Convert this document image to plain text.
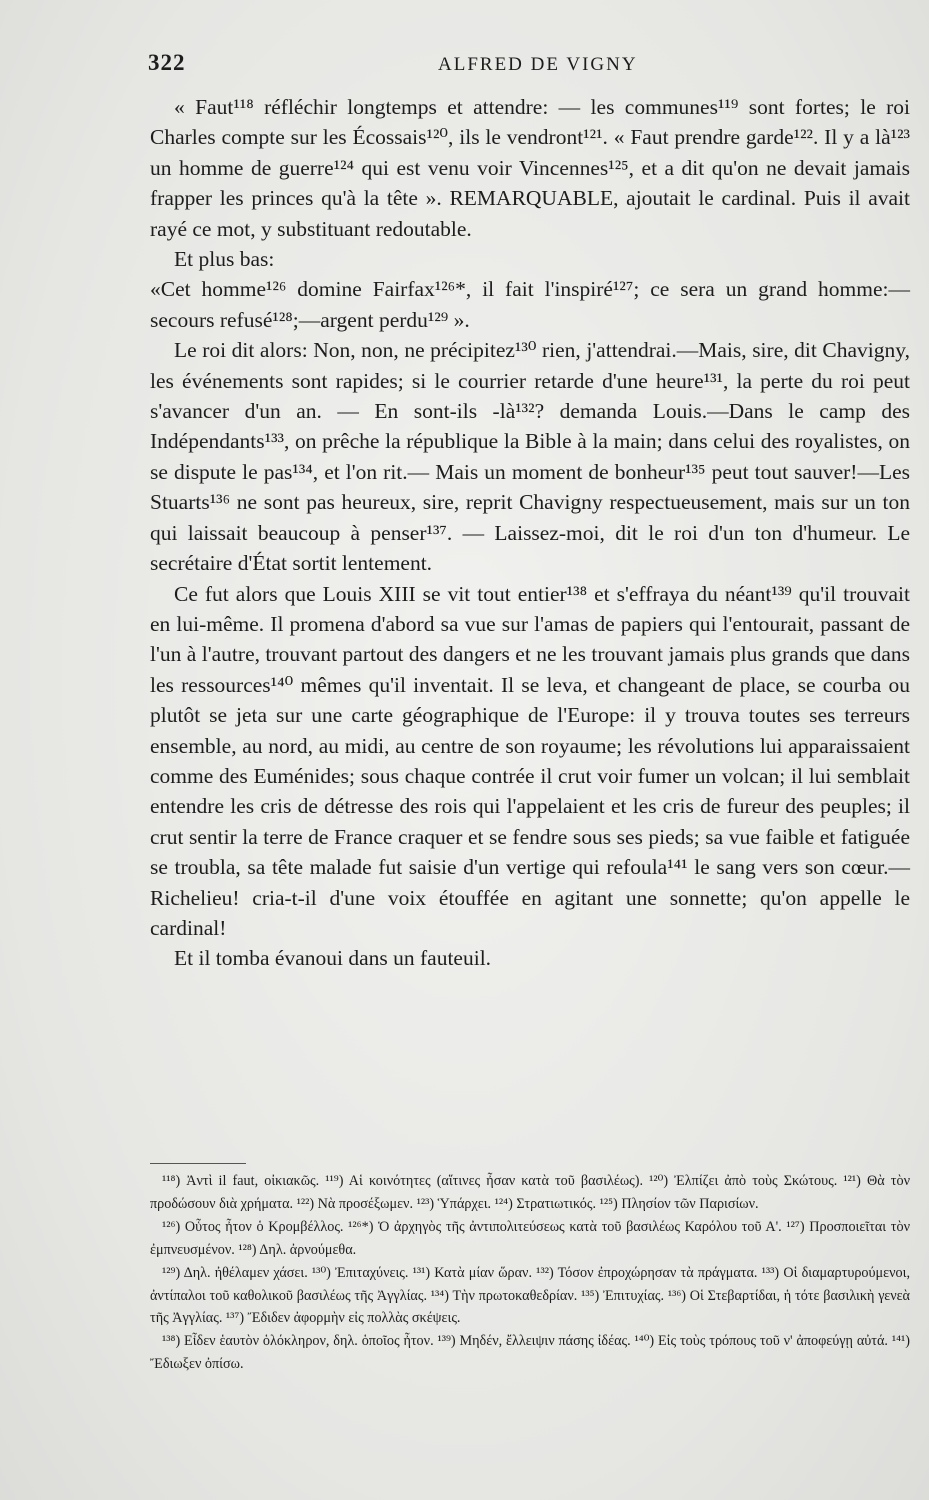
322	ALFRED DE VIGNY

« Faut¹¹⁸ réfléchir longtemps et attendre: — les communes¹¹⁹ sont fortes; le roi Charles compte sur les Écossais¹²⁰, ils le vendront¹²¹. « Faut prendre garde¹²². Il y a là¹²³ un homme de guerre¹²⁴ qui est venu voir Vincennes¹²⁵, et a dit qu'on ne devait jamais frapper les princes qu'à la tête ». REMARQUABLE, ajoutait le cardinal. Puis il avait rayé ce mot, y substituant redoutable.

Et plus bas:

«Cet homme¹²⁶ domine Fairfax¹²⁶*, il fait l'inspiré¹²⁷; ce sera un grand homme:—secours refusé¹²⁸;—argent perdu¹²⁹ ».

Le roi dit alors: Non, non, ne précipitez¹³⁰ rien, j'attendrai.—Mais, sire, dit Chavigny, les événements sont rapides; si le courrier retarde d'une heure¹³¹, la perte du roi peut s'avancer d'un an. — En sont-ils -là¹³²? demanda Louis.—Dans le camp des Indépendants¹³³, on prêche la république la Bible à la main; dans celui des royalistes, on se dispute le pas¹³⁴, et l'on rit.— Mais un moment de bonheur¹³⁵ peut tout sauver!—Les Stuarts¹³⁶ ne sont pas heureux, sire, reprit Chavigny respectueusement, mais sur un ton qui laissait beaucoup à penser¹³⁷. — Laissez-moi, dit le roi d'un ton d'humeur. Le secrétaire d'État sortit lentement.

Ce fut alors que Louis XIII se vit tout entier¹³⁸ et s'effraya du néant¹³⁹ qu'il trouvait en lui-même. Il promena d'abord sa vue sur l'amas de papiers qui l'entourait, passant de l'un à l'autre, trouvant partout des dangers et ne les trouvant jamais plus grands que dans les ressources¹⁴⁰ mêmes qu'il inventait. Il se leva, et changeant de place, se courba ou plutôt se jeta sur une carte géographique de l'Europe: il y trouva toutes ses terreurs ensemble, au nord, au midi, au centre de son royaume; les révolutions lui apparaissaient comme des Euménides; sous chaque contrée il crut voir fumer un volcan; il lui semblait entendre les cris de détresse des rois qui l'appelaient et les cris de fureur des peuples; il crut sentir la terre de France craquer et se fendre sous ses pieds; sa vue faible et fatiguée se troubla, sa tête malade fut saisie d'un vertige qui refoula¹⁴¹ le sang vers son cœur.—Richelieu! cria-t-il d'une voix étouffée en agitant une sonnette; qu'on appelle le cardinal!

Et il tomba évanoui dans un fauteuil.

¹¹⁸) Ἀντὶ il faut, οἰκιακῶς. ¹¹⁹) Αἱ κοινότητες (αἵτινες ἦσαν κατὰ τοῦ βασιλέως). ¹²⁰) Ἐλπίζει ἀπὸ τοὺς Σκώτους. ¹²¹) Θὰ τὸν προδώσουν διὰ χρήματα. ¹²²) Νὰ προσέξωμεν. ¹²³) Ὑπάρχει. ¹²⁴) Στρατιωτικός. ¹²⁵) Πλησίον τῶν Παρισίων.

¹²⁶) Οὗτος ἦτον ὁ Κρομβέλλος. ¹²⁶*) Ὁ ἀρχηγὸς τῆς ἀντιπολιτεύσεως κατὰ τοῦ βασιλέως Καρόλου τοῦ Α'. ¹²⁷) Προσποιεῖται τὸν ἐμπνευσμένον. ¹²⁸) Δηλ. ἀρνούμεθα.

¹²⁹) Δηλ. ἠθέλαμεν χάσει. ¹³⁰) Ἐπιταχύνεις. ¹³¹) Κατὰ μίαν ὥραν. ¹³²) Τόσον ἐπροχώρησαν τὰ πράγματα. ¹³³) Οἱ διαμαρτυρούμενοι, ἀντίπαλοι τοῦ καθολικοῦ βασιλέως τῆς Ἀγγλίας. ¹³⁴) Τὴν πρωτοκαθεδρίαν. ¹³⁵) Ἐπιτυχίας. ¹³⁶) Οἱ Στεβαρτίδαι, ἡ τότε βασιλικὴ γενεὰ τῆς Ἀγγλίας. ¹³⁷) Ἔδιδεν ἀφορμὴν εἰς πολλὰς σκέψεις.

¹³⁸) Εἶδεν ἑαυτὸν ὁλόκληρον, δηλ. ὁποῖος ἦτον. ¹³⁹) Μηδέν, ἔλλειψιν πάσης ἰδέας. ¹⁴⁰) Εἰς τοὺς τρόπους τοῦ ν' ἀποφεύγῃ αὐτά. ¹⁴¹) Ἔδιωξεν ὀπίσω.
